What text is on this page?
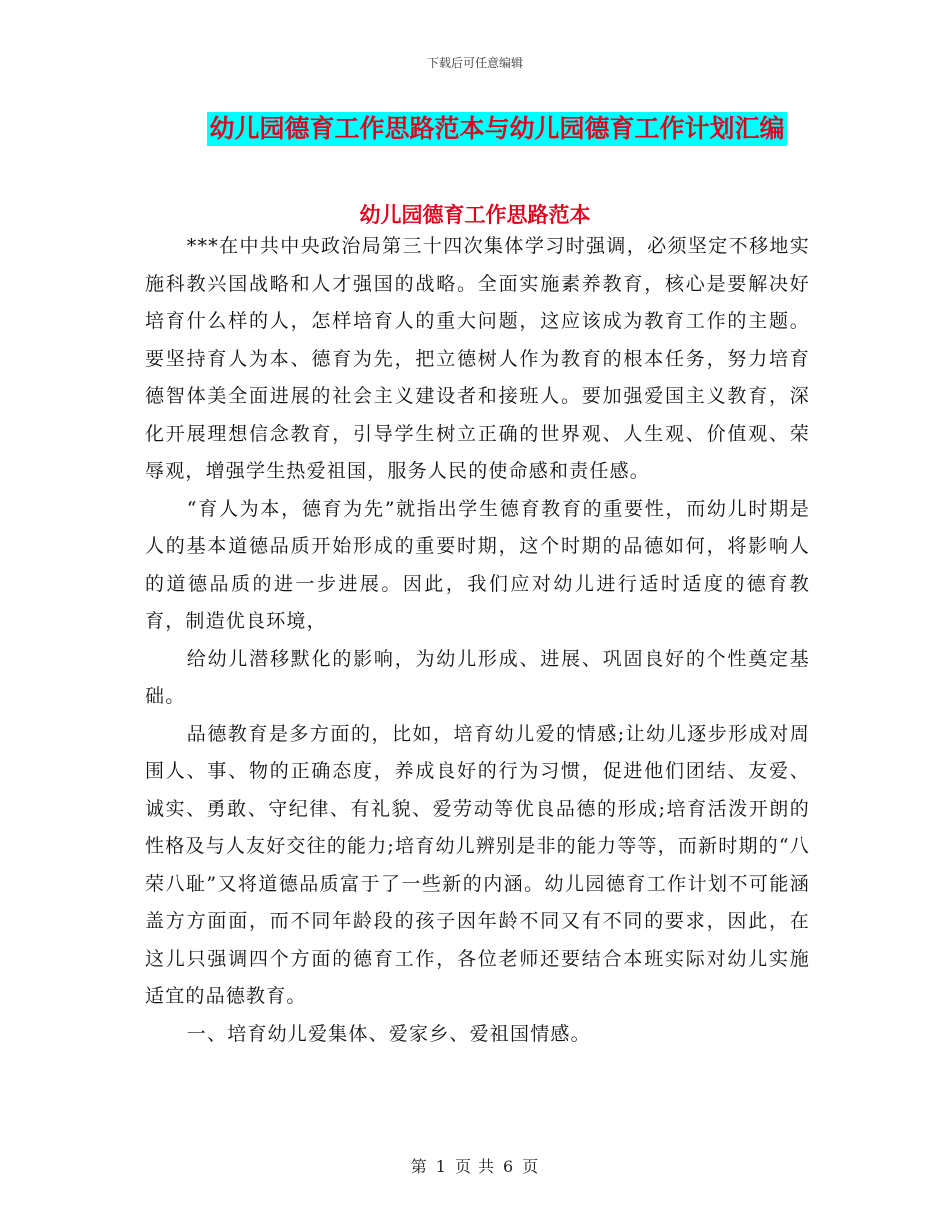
下载后可任意编辑
幼儿园德育工作思路范本与幼儿园德育工作计划汇编
幼儿园德育工作思路范本

***在中共中央政治局第三十四次集体学习时强调，必须坚定不移地实施科教兴国战略和人才强国的战略。全面实施素养教育，核心是要解决好培育什么样的人，怎样培育人的重大问题，这应该成为教育工作的主题。要坚持育人为本、德育为先，把立德树人作为教育的根本任务，努力培育德智体美全面进展的社会主义建设者和接班人。要加强爱国主义教育，深化开展理想信念教育，引导学生树立正确的世界观、人生观、价值观、荣辱观，增强学生热爱祖国，服务人民的使命感和责任感。

“育人为本，德育为先”就指出学生德育教育的重要性，而幼儿时期是人的基本道德品质开始形成的重要时期，这个时期的品德如何，将影响人的道德品质的进一步进展。因此，我们应对幼儿进行适时适度的德育教育，制造优良环境，

给幼儿潜移默化的影响，为幼儿形成、进展、巩固良好的个性奠定基础。

品德教育是多方面的，比如，培育幼儿爱的情感;让幼儿逐步形成对周围人、事、物的正确态度，养成良好的行为习惯，促进他们团结、友爱、诚实、勇敢、守纪律、有礼貌、爱劳动等优良品德的形成;培育活泼开朗的性格及与人友好交往的能力;培育幼儿辨别是非的能力等等，而新时期的“八荣八耻”又将道德品质富于了一些新的内涵。幼儿园德育工作计划不可能涵盖方方面面，而不同年龄段的孩子因年龄不同又有不同的要求，因此，在这儿只强调四个方面的德育工作，各位老师还要结合本班实际对幼儿实施适宜的品德教育。

一、培育幼儿爱集体、爱家乡、爱祖国情感。

第 1 页 共 6 页
